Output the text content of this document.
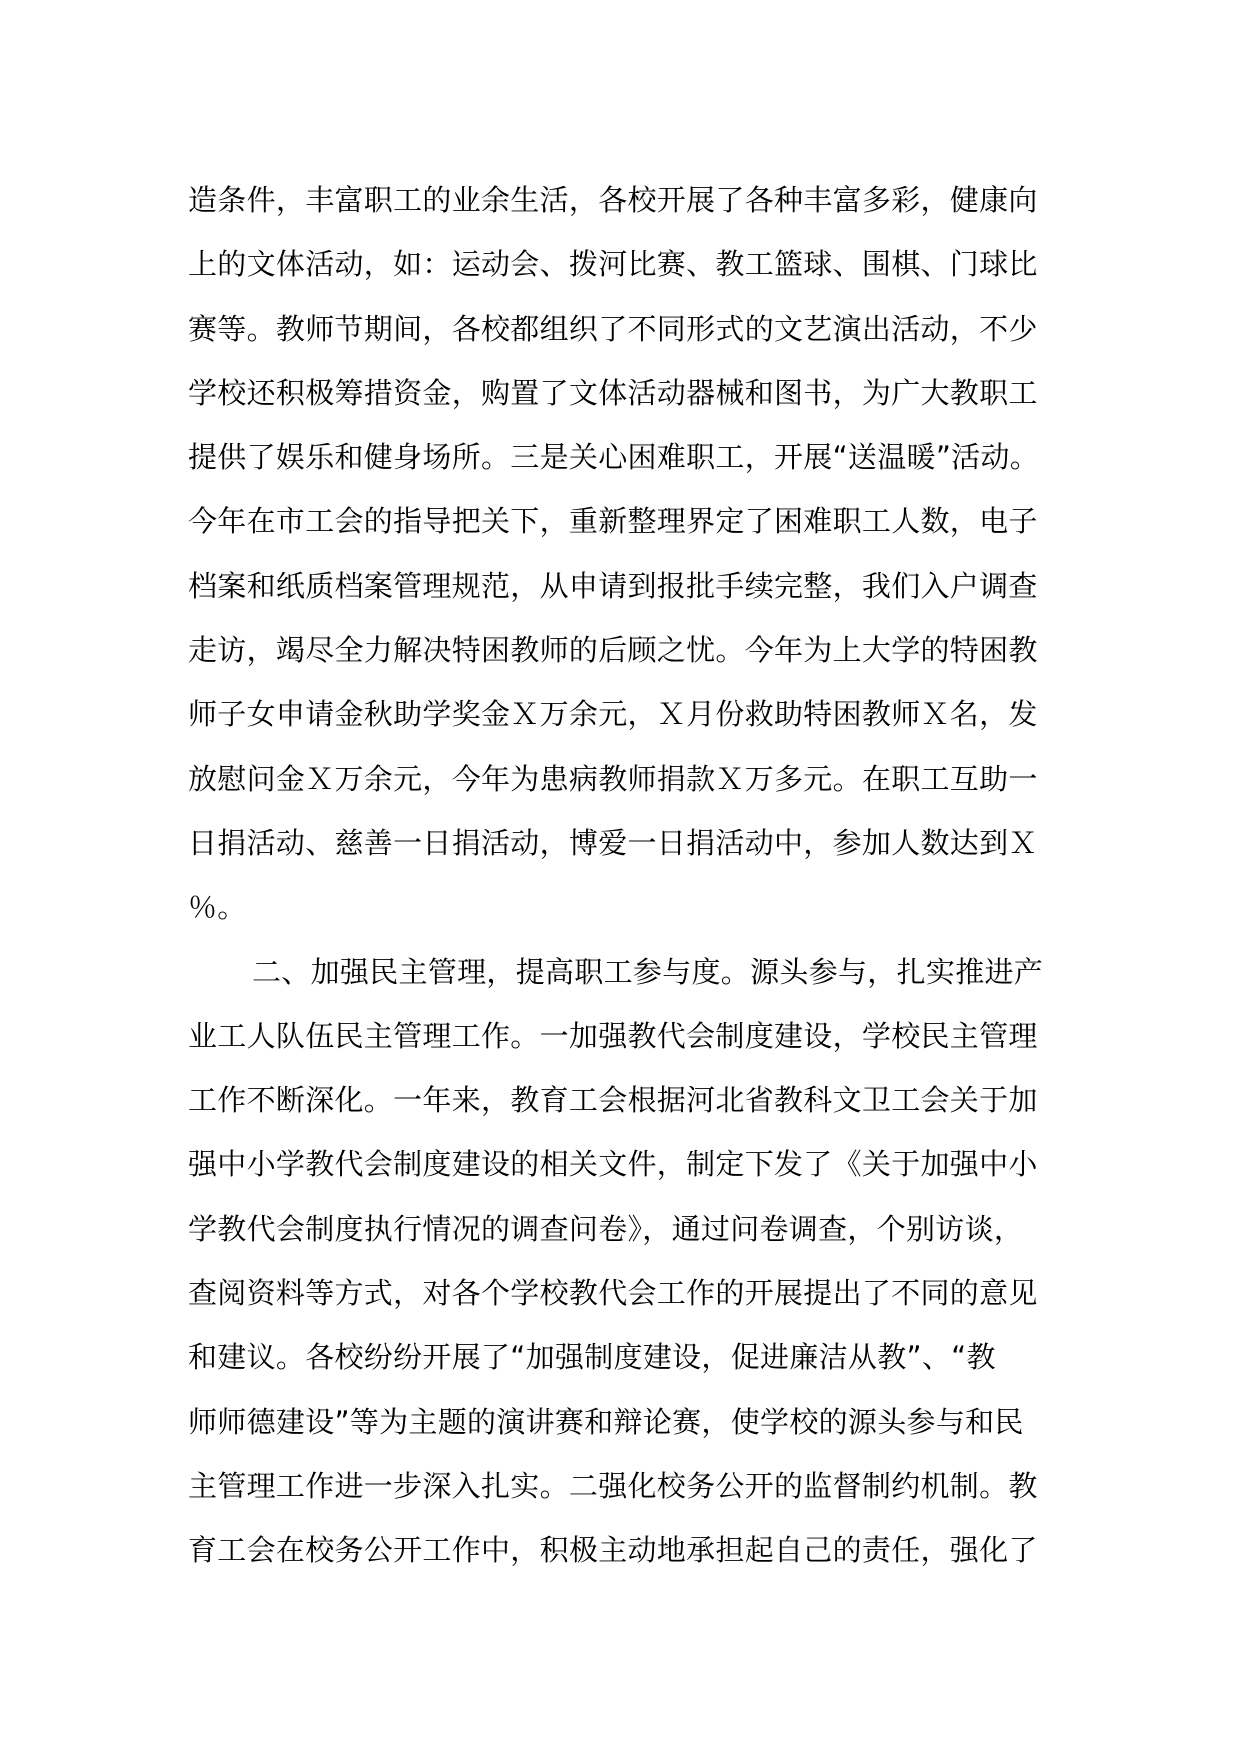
造条件，丰富职工的业余生活，各校开展了各种丰富多彩，健康向
上的文体活动，如：运动会、拨河比赛、教工篮球、围棋、门球比
赛等。教师节期间，各校都组织了不同形式的文艺演出活动，不少
学校还积极筹措资金，购置了文体活动器械和图书，为广大教职工
提供了娱乐和健身场所。三是关心困难职工，开展“送温暖”活动。
今年在市工会的指导把关下，重新整理界定了困难职工人数，电子
档案和纸质档案管理规范，从申请到报批手续完整，我们入户调查
走访，竭尽全力解决特困教师的后顾之忧。今年为上大学的特困教
师子女申请金秋助学奖金Ｘ万余元，Ｘ月份救助特困教师Ｘ名，发
放慰问金Ｘ万余元，今年为患病教师捐款Ｘ万多元。在职工互助一
日捐活动、慈善一日捐活动，博爱一日捐活动中，参加人数达到Ｘ
％。
二、加强民主管理，提高职工参与度。源头参与，扎实推进产
业工人队伍民主管理工作。一加强教代会制度建设，学校民主管理
工作不断深化。一年来，教育工会根据河北省教科文卫工会关于加
强中小学教代会制度建设的相关文件，制定下发了《关于加强中小
学教代会制度执行情况的调查问卷》，通过问卷调查，个别访谈，
查阅资料等方式，对各个学校教代会工作的开展提出了不同的意见
和建议。各校纷纷开展了“加强制度建设，促进廉洁从教”、“教
师师德建设”等为主题的演讲赛和辩论赛，使学校的源头参与和民
主管理工作进一步深入扎实。二强化校务公开的监督制约机制。教
育工会在校务公开工作中，积极主动地承担起自己的责任，强化了
